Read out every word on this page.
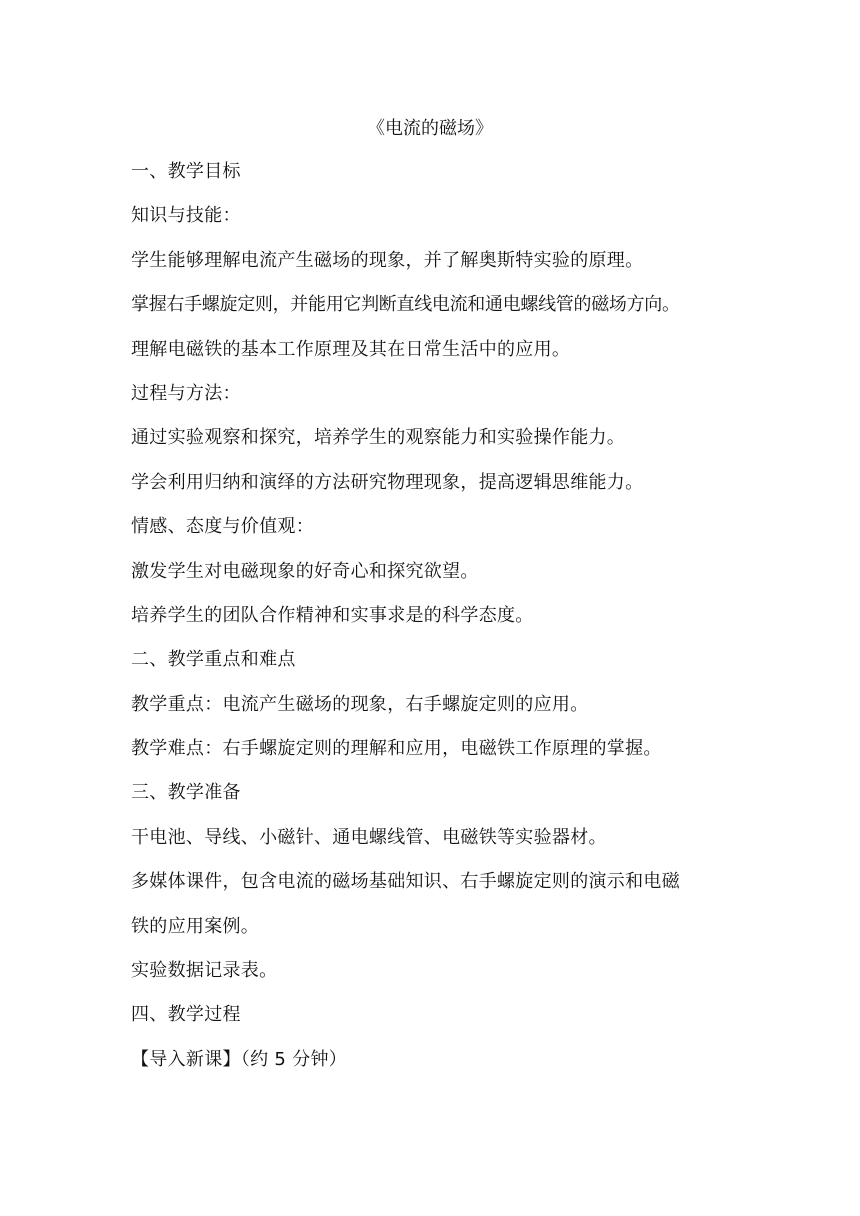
《电流的磁场》

一、教学目标

知识与技能：

学生能够理解电流产生磁场的现象，并了解奥斯特实验的原理。

掌握右手螺旋定则，并能用它判断直线电流和通电螺线管的磁场方向。

理解电磁铁的基本工作原理及其在日常生活中的应用。

过程与方法：

通过实验观察和探究，培养学生的观察能力和实验操作能力。

学会利用归纳和演绎的方法研究物理现象，提高逻辑思维能力。

情感、态度与价值观：

激发学生对电磁现象的好奇心和探究欲望。

培养学生的团队合作精神和实事求是的科学态度。

二、教学重点和难点

教学重点：电流产生磁场的现象，右手螺旋定则的应用。

教学难点：右手螺旋定则的理解和应用，电磁铁工作原理的掌握。

三、教学准备

干电池、导线、小磁针、通电螺线管、电磁铁等实验器材。

多媒体课件，包含电流的磁场基础知识、右手螺旋定则的演示和电磁

铁的应用案例。

实验数据记录表。

四、教学过程

【导入新课】（约 5 分钟）
